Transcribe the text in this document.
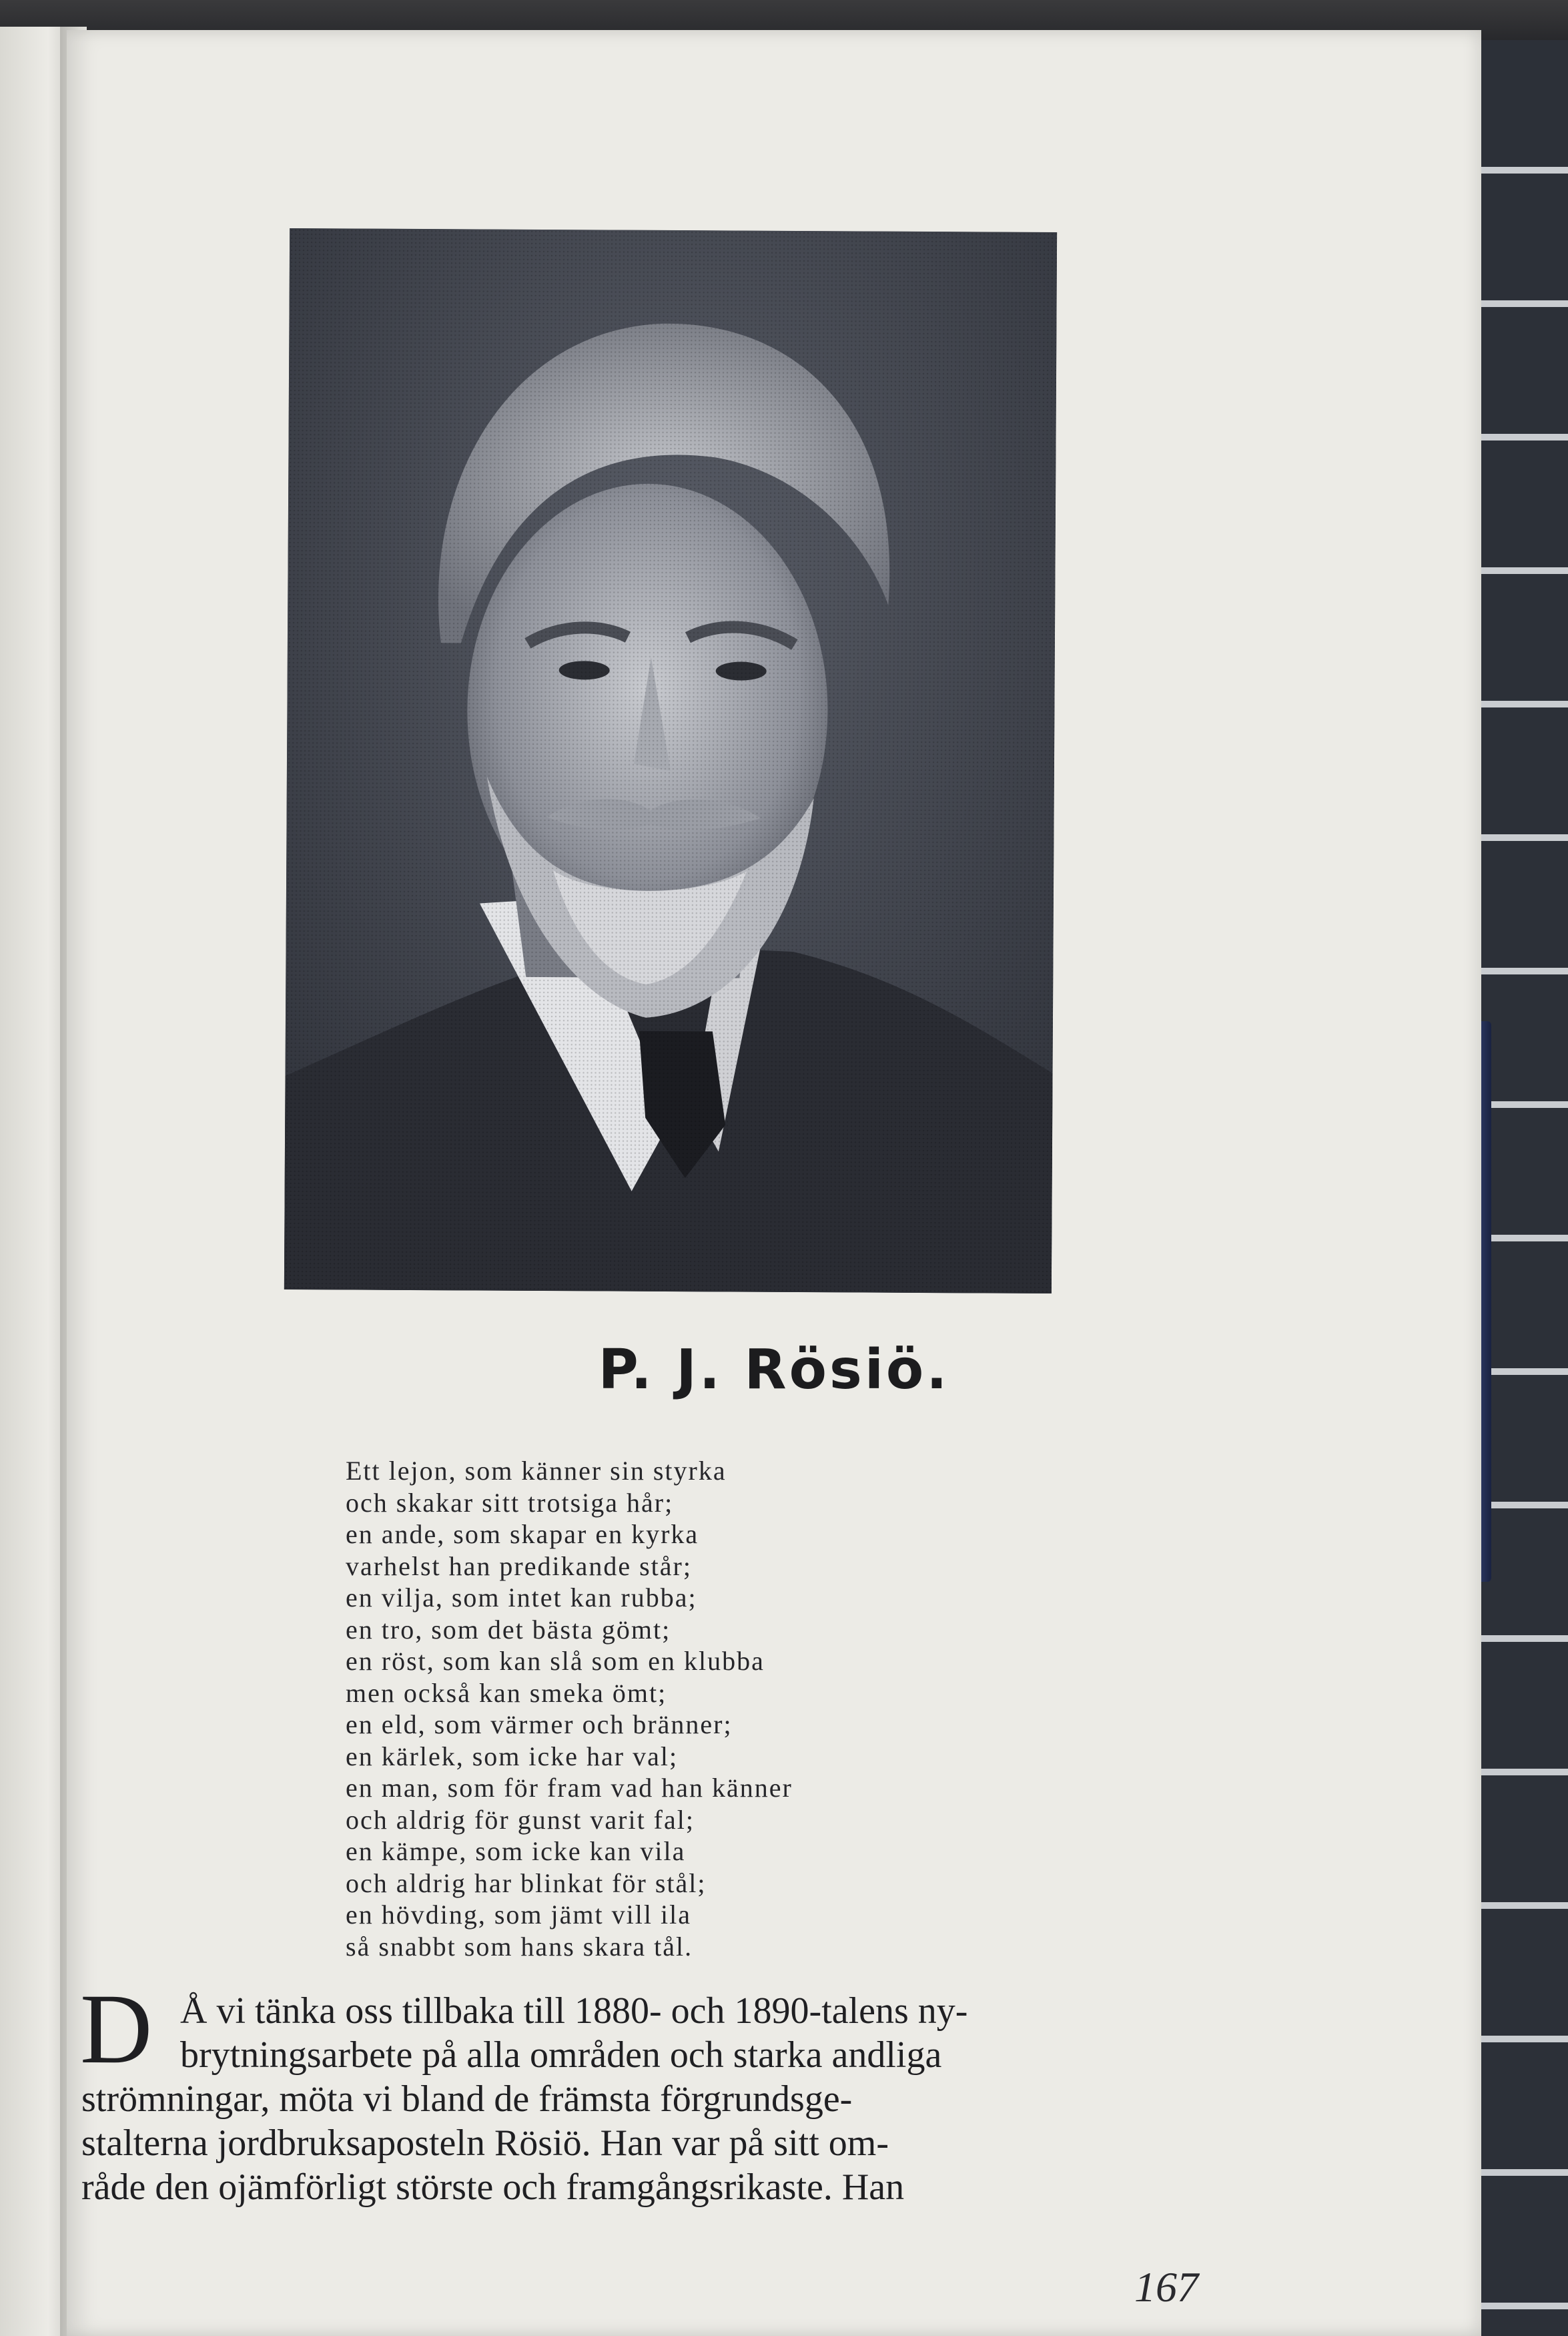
P. J. Rösiö.
Ett lejon, som känner sin styrka
och skakar sitt trotsiga hår;
en ande, som skapar en kyrka
varhelst han predikande står;
en vilja, som intet kan rubba;
en tro, som det bästa gömt;
en röst, som kan slå som en klubba
men också kan smeka ömt;
en eld, som värmer och bränner;
en kärlek, som icke har val;
en man, som för fram vad han känner
och aldrig för gunst varit fal;
en kämpe, som icke kan vila
och aldrig har blinkat för stål;
en hövding, som jämt vill ila
så snabbt som hans skara tål.
D Å vi tänka oss tillbaka till 1880- och 1890-talens ny-
brytningsarbete på alla områden och starka andliga
strömningar, möta vi bland de främsta förgrundsge-
stalterna jordbruksaposteln Rösiö. Han var på sitt om-
råde den ojämförligt störste och framgångsrikaste. Han
167
